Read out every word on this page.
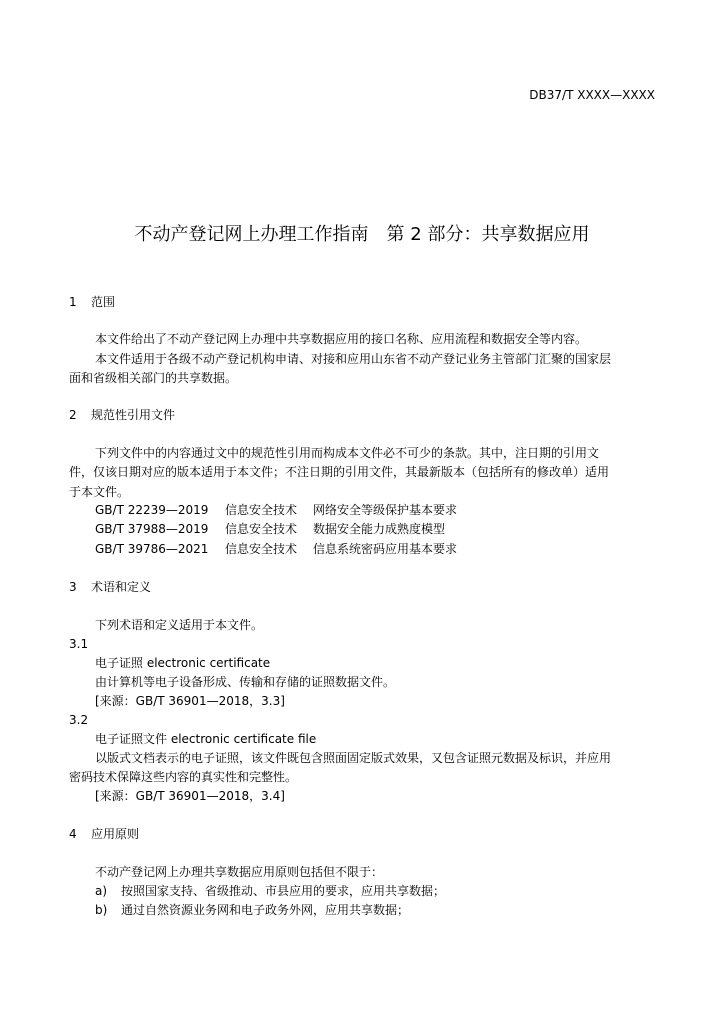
DB37/T XXXX—XXXX
不动产登记网上办理工作指南　第 2 部分：共享数据应用
1 范围
本文件给出了不动产登记网上办理中共享数据应用的接口名称、应用流程和数据安全等内容。
本文件适用于各级不动产登记机构申请、对接和应用山东省不动产登记业务主管部门汇聚的国家层
面和省级相关部门的共享数据。
2 规范性引用文件
下列文件中的内容通过文中的规范性引用而构成本文件必不可少的条款。其中，注日期的引用文
件，仅该日期对应的版本适用于本文件；不注日期的引用文件，其最新版本（包括所有的修改单）适用
于本文件。
GB/T 22239—2019 信息安全技术 网络安全等级保护基本要求
GB/T 37988—2019 信息安全技术 数据安全能力成熟度模型
GB/T 39786—2021 信息安全技术 信息系统密码应用基本要求
3 术语和定义
下列术语和定义适用于本文件。
3.1
电子证照 electronic certificate
由计算机等电子设备形成、传输和存储的证照数据文件。
[来源：GB/T 36901—2018，3.3]
3.2
电子证照文件 electronic certificate file
以版式文档表示的电子证照，该文件既包含照面固定版式效果，又包含证照元数据及标识，并应用
密码技术保障这些内容的真实性和完整性。
[来源：GB/T 36901—2018，3.4]
4 应用原则
不动产登记网上办理共享数据应用原则包括但不限于：
a) 按照国家支持、省级推动、市县应用的要求，应用共享数据；
b) 通过自然资源业务网和电子政务外网，应用共享数据；
